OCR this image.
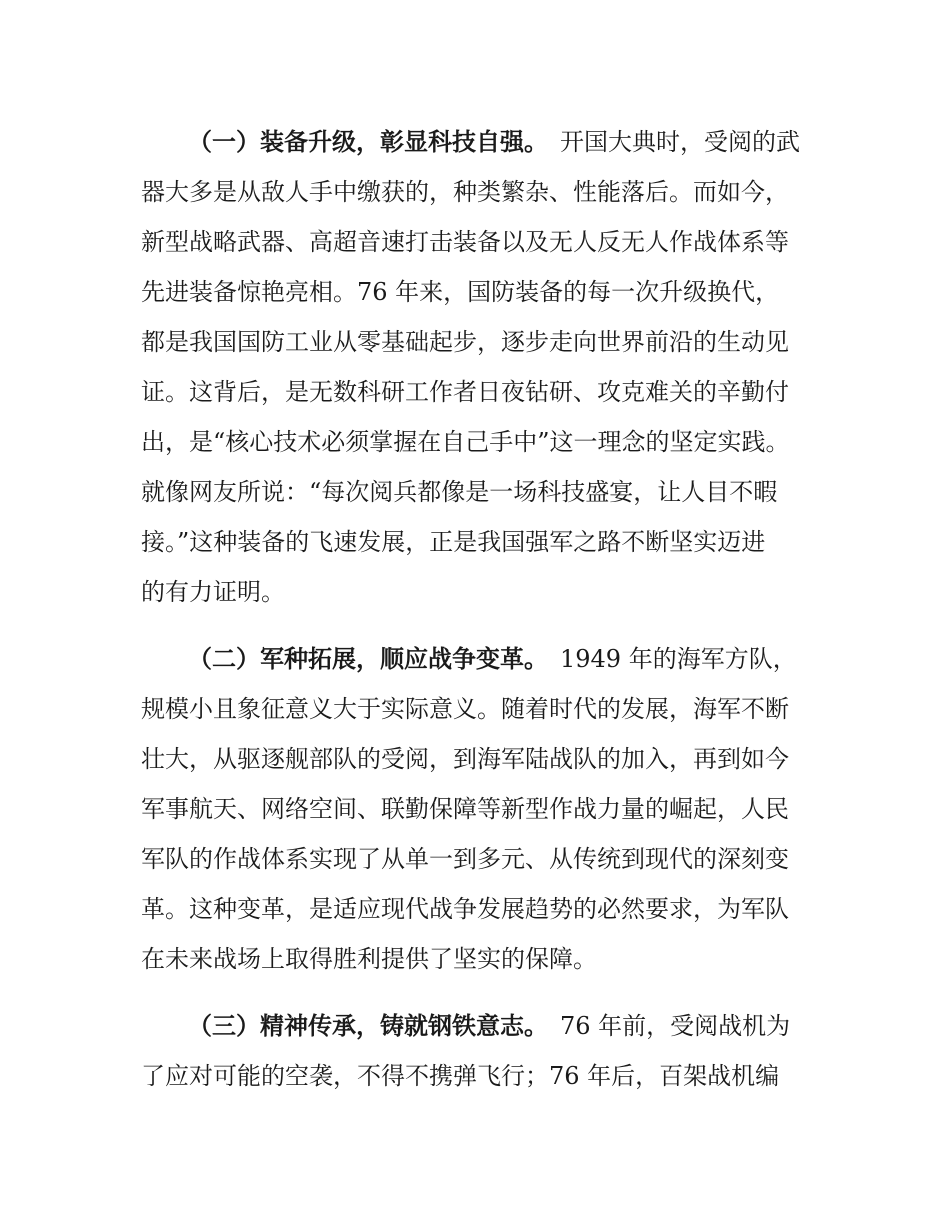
（一）装备升级，彰显科技自强。 开国大典时，受阅的武
器大多是从敌人手中缴获的，种类繁杂、性能落后。而如今，
新型战略武器、高超音速打击装备以及无人反无人作战体系等
先进装备惊艳亮相。76 年来，国防装备的每一次升级换代，
都是我国国防工业从零基础起步，逐步走向世界前沿的生动见
证。这背后，是无数科研工作者日夜钻研、攻克难关的辛勤付
出，是“核心技术必须掌握在自己手中”这一理念的坚定实践。
就像网友所说：“每次阅兵都像是一场科技盛宴，让人目不暇
接。”这种装备的飞速发展，正是我国强军之路不断坚实迈进
的有力证明。
（二）军种拓展，顺应战争变革。 1949 年的海军方队，
规模小且象征意义大于实际意义。随着时代的发展，海军不断
壮大，从驱逐舰部队的受阅，到海军陆战队的加入，再到如今
军事航天、网络空间、联勤保障等新型作战力量的崛起，人民
军队的作战体系实现了从单一到多元、从传统到现代的深刻变
革。这种变革，是适应现代战争发展趋势的必然要求，为军队
在未来战场上取得胜利提供了坚实的保障。
（三）精神传承，铸就钢铁意志。 76 年前，受阅战机为
了应对可能的空袭，不得不携弹飞行；76 年后，百架战机编
